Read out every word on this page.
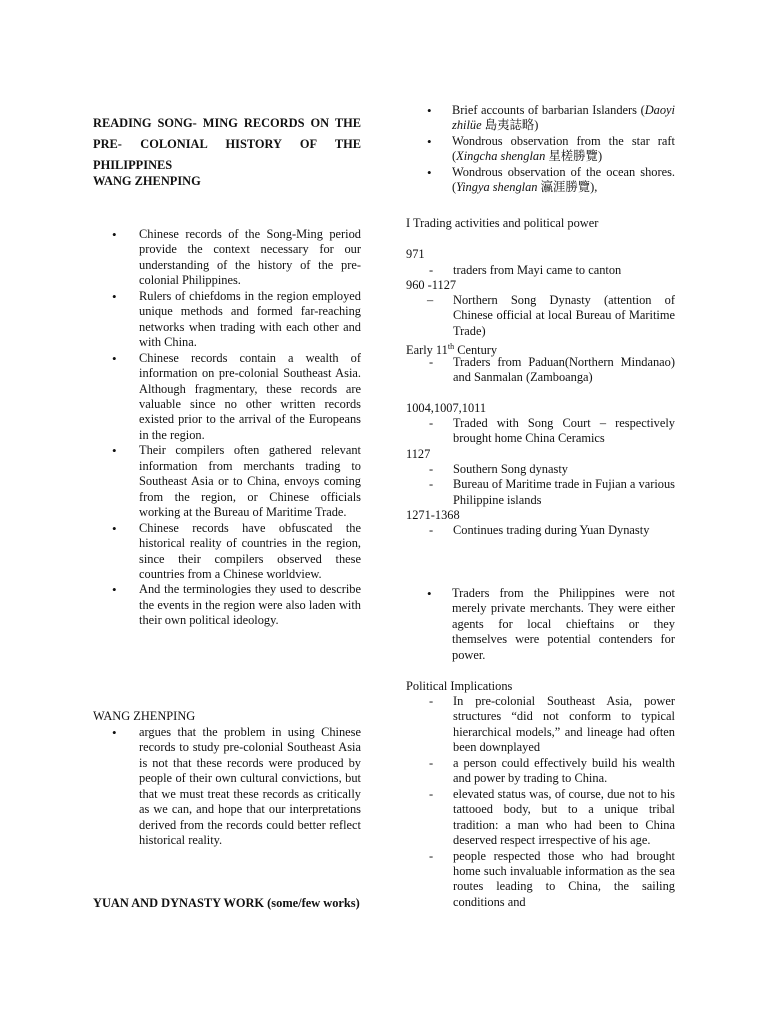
READING SONG- MING RECORDS ON THE PRE- COLONIAL HISTORY OF THE PHILIPPINES
WANG ZHENPING
• Chinese records of the Song-Ming period provide the context necessary for our understanding of the history of the pre-colonial Philippines.
• Rulers of chiefdoms in the region employed unique methods and formed far-reaching networks when trading with each other and with China.
• Chinese records contain a wealth of information on pre-colonial Southeast Asia. Although fragmentary, these records are valuable since no other written records existed prior to the arrival of the Europeans in the region.
• Their compilers often gathered relevant information from merchants trading to Southeast Asia or to China, envoys coming from the region, or Chinese officials working at the Bureau of Maritime Trade.
• Chinese records have obfuscated the historical reality of countries in the region, since their compilers observed these countries from a Chinese worldview.
• And the terminologies they used to describe the events in the region were also laden with their own political ideology.
WANG ZHENPING
• argues that the problem in using Chinese records to study pre-colonial Southeast Asia is not that these records were produced by people of their own cultural convictions, but that we must treat these records as critically as we can, and hope that our interpretations derived from the records could better reflect historical reality.
YUAN AND DYNASTY WORK (some/few works)
• Brief accounts of barbarian Islanders (Daoyi zhilüe 島夷誌略)
• Wondrous observation from the star raft (Xingcha shenglan 星槎勝覽)
• Wondrous observation of the ocean shores. (Yingya shenglan 瀛涯勝覽),
I Trading activities and political power
971
- traders from Mayi came to canton
960 -1127
– Northern Song Dynasty (attention of Chinese official at local Bureau of Maritime Trade)
Early 11th Century
- Traders from Paduan(Northern Mindanao) and Sanmalan (Zamboanga)
1004,1007,1011
- Traded with Song Court – respectively brought home China Ceramics
1127
- Southern Song dynasty
- Bureau of Maritime trade in Fujian a various Philippine islands
1271-1368
- Continues trading during Yuan Dynasty
• Traders from the Philippines were not merely private merchants. They were either agents for local chieftains or they themselves were potential contenders for power.
Political Implications
- In pre-colonial Southeast Asia, power structures “did not conform to typical hierarchical models,” and lineage had often been downplayed
- a person could effectively build his wealth and power by trading to China.
- elevated status was, of course, due not to his tattooed body, but to a unique tribal tradition: a man who had been to China deserved respect irrespective of his age.
- people respected those who had brought home such invaluable information as the sea routes leading to China, the sailing conditions and
